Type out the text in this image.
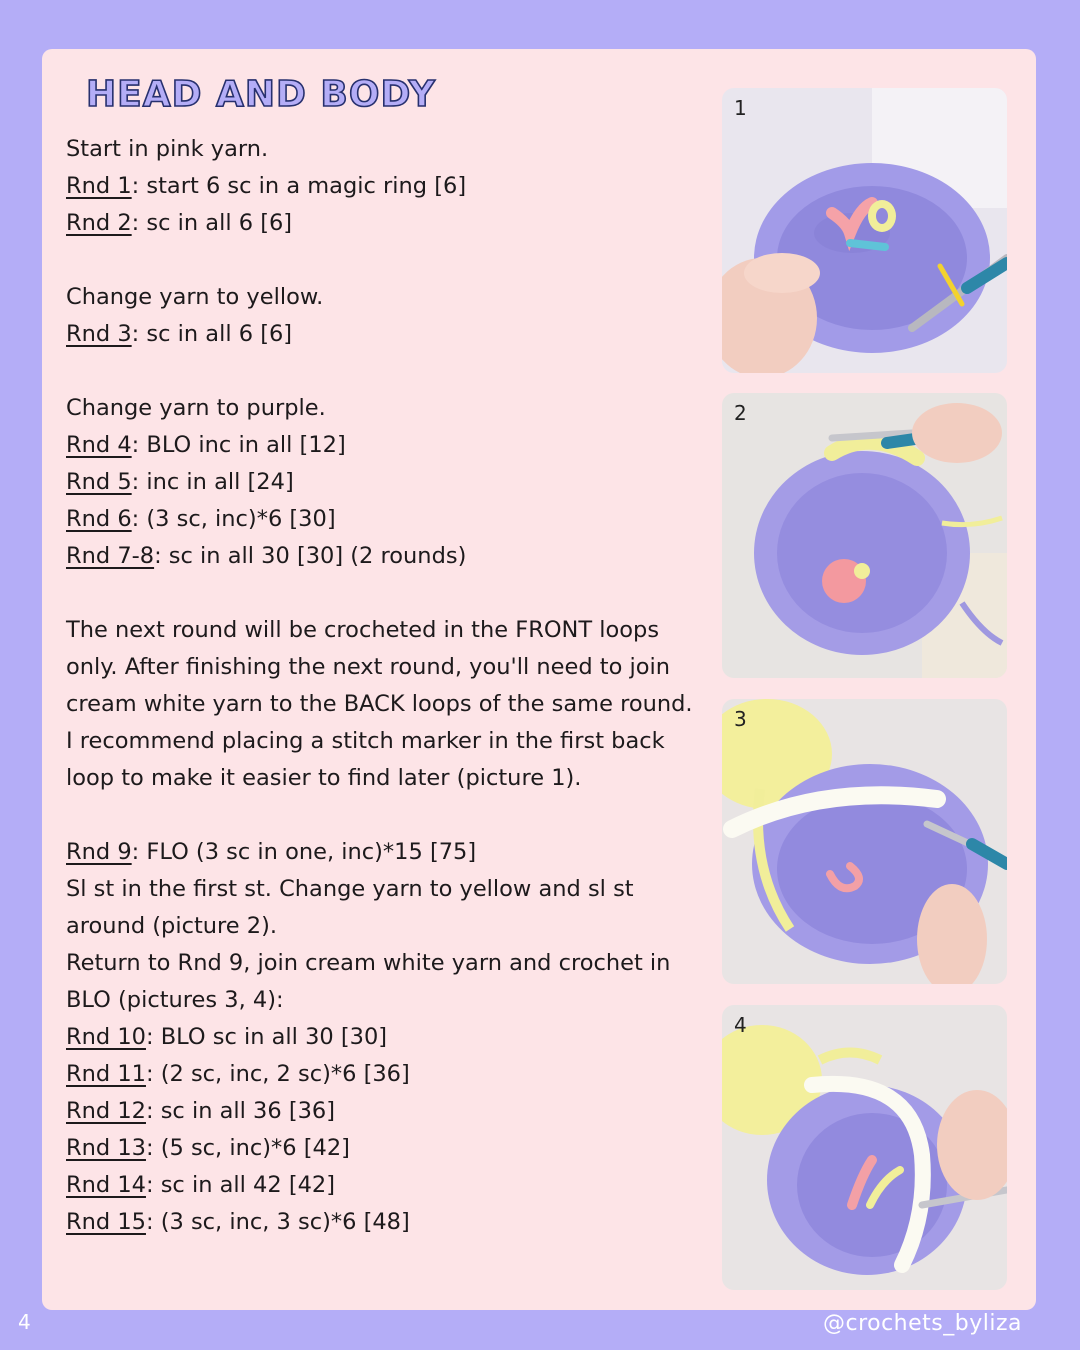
HEAD AND BODY
Start in pink yarn.
Rnd 1: start 6 sc in a magic ring [6]
Rnd 2: sc in all 6 [6]
Change yarn to yellow.
Rnd 3: sc in all 6 [6]
Change yarn to purple.
Rnd 4: BLO inc in all [12]
Rnd 5: inc in all [24]
Rnd 6: (3 sc, inc)*6 [30]
Rnd 7-8: sc in all 30 [30] (2 rounds)
The next round will be crocheted in the FRONT loops only. After finishing the next round, you'll need to join cream white yarn to the BACK loops of the same round. I recommend placing a stitch marker in the first back loop to make it easier to find later (picture 1).
Rnd 9: FLO (3 sc in one, inc)*15 [75]
Sl st in the first st. Change yarn to yellow and sl st around (picture 2).
Return to Rnd 9, join cream white yarn and crochet in BLO (pictures 3, 4):
Rnd 10: BLO sc in all 30 [30]
Rnd 11: (2 sc, inc, 2 sc)*6 [36]
Rnd 12: sc in all 36 [36]
Rnd 13: (5 sc, inc)*6 [42]
Rnd 14: sc in all 42 [42]
Rnd 15: (3 sc, inc, 3 sc)*6 [48]
1
2
3
4
4	@crochets_byliza
